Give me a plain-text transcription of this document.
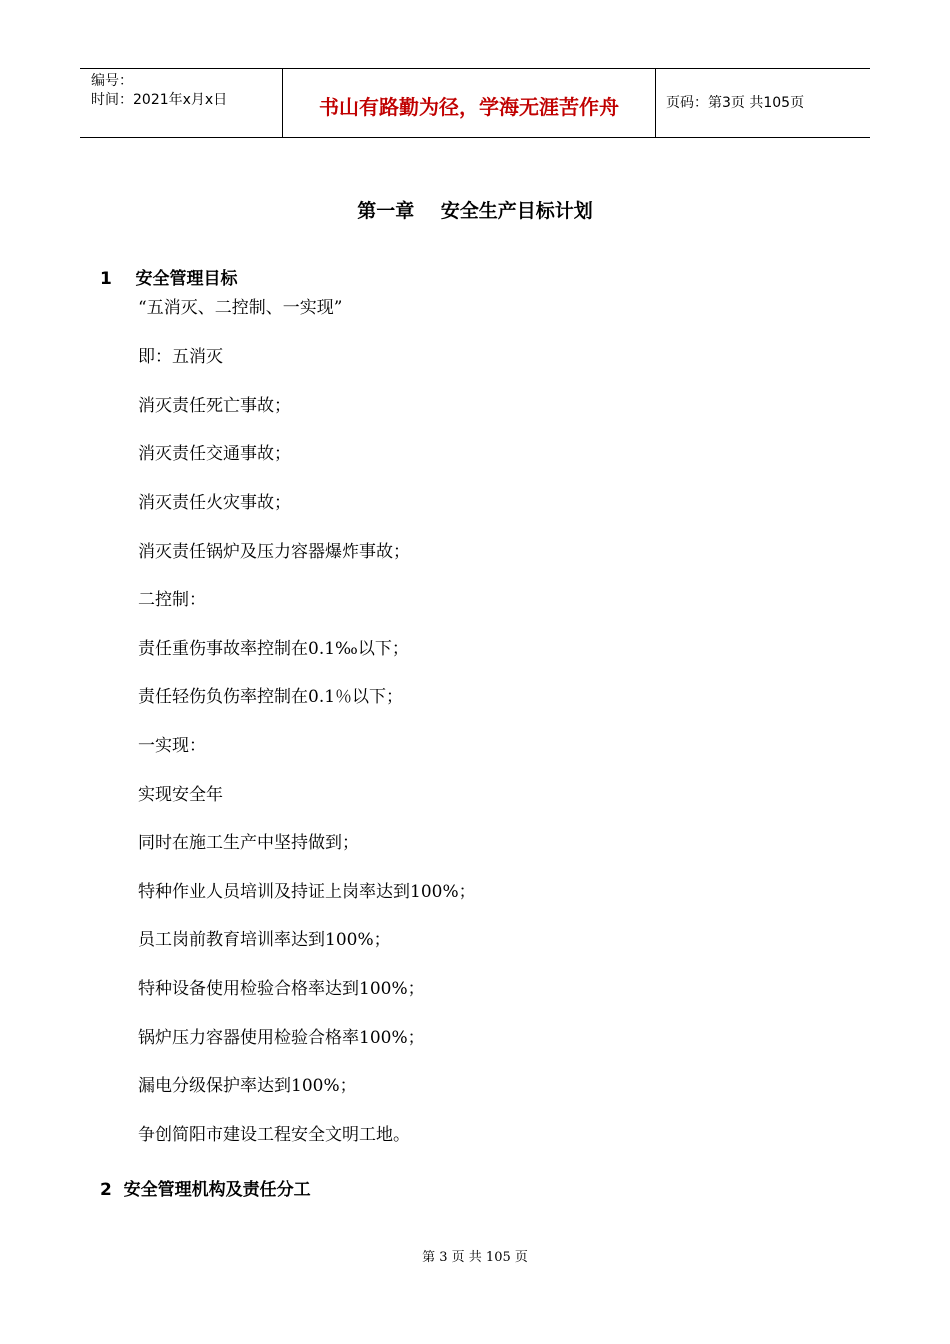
编号：
时间：2021年x月x日	书山有路勤为径，学海无涯苦作舟	页码：第3页 共105页
第一章    安全生产目标计划
1    安全管理目标
“五消灭、二控制、一实现”
即：五消灭
消灭责任死亡事故；
消灭责任交通事故；
消灭责任火灾事故；
消灭责任锅炉及压力容器爆炸事故；
二控制：
责任重伤事故率控制在0.1‰以下；
责任轻伤负伤率控制在0.1％以下；
一实现：
实现安全年
同时在施工生产中坚持做到；
特种作业人员培训及持证上岗率达到100%；
员工岗前教育培训率达到100%；
特种设备使用检验合格率达到100%；
锅炉压力容器使用检验合格率100%；
漏电分级保护率达到100%；
争创简阳市建设工程安全文明工地。
2  安全管理机构及责任分工
第 3 页 共 105 页
